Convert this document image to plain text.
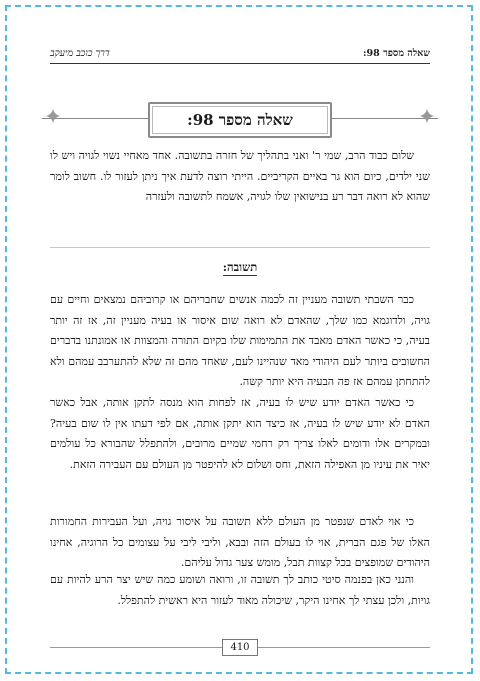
שאלה מספר 98:
דרך כוכב מיעקב
✦
✦	שאלה מספר 98:
שלום כבוד הרב, שמי ר' ואני בתהליך של חזרה בתשובה. אחד מאחיי נשוי לגויה ויש לו שני ילדים, כיום הוא גר באיים הקריביים. הייתי רוצה לדעת איך ניתן לעזור לו. חשוב לומר שהוא לא רואה דבר רע בנישואין שלו לגויה, אשמח לתשובה ולעזרה
תשובה:
כבר השבתי תשובה מעניין זה לכמה אנשים שחבריהם או קרוביהם נמצאים וחיים עם גויה, ולדוגמא כמו שלך, שהאדם לא רואה שום איסור או בעיה מעניין זה, אז זה יותר בעיה, כי כאשר האדם מאבד את התמימות שלו בקיום התורה והמצוות או אמונתנו בדברים החשובים ביותר לעם היהודי מאד שנהיינו לעם, שאחד מהם זה שלא להתערבב עמהם ולא להתחתן עמהם אז פה הבעיה היא יותר קשה.
כי כאשר האדם יודע שיש לו בעיה, אז לפחות הוא מנסה לתקן אותה, אבל כאשר האדם לא יודע שיש לו בעיה, אז כיצד הוא יתקן אותה, אם לפי דעתו אין לו שום בעיה? ובמקרים אלו ודומים לאלו צריך רק רחמי שמיים מרובים, ולהתפלל שהבורא כל עולמים יאיר את עיניו מן האפילה הזאת, וחס ושלום לא להיפטר מן העולם עם העבירה הזאת.
כי אוי לאדם שנפטר מן העולם ללא תשובה על איסור גויה, ועל העבירות החמורות האלו של פגם הברית, אוי לו בעולם הזה ובבא, וליבי ליבי על עצומים כל הרוגיה, אחינו היהודים שמופצים בכל קצוות תבל, מומש צער גדול עליהם.
והנני כאן בפנמה סיטי כותב לך תשובה זו, ורואה ושומע כמה שיש יצר הרע להיות עם גויות, ולכן עצתי לך אחינו היקר, שיכולה מאוד לעזור היא ראשית להתפלל.
410
